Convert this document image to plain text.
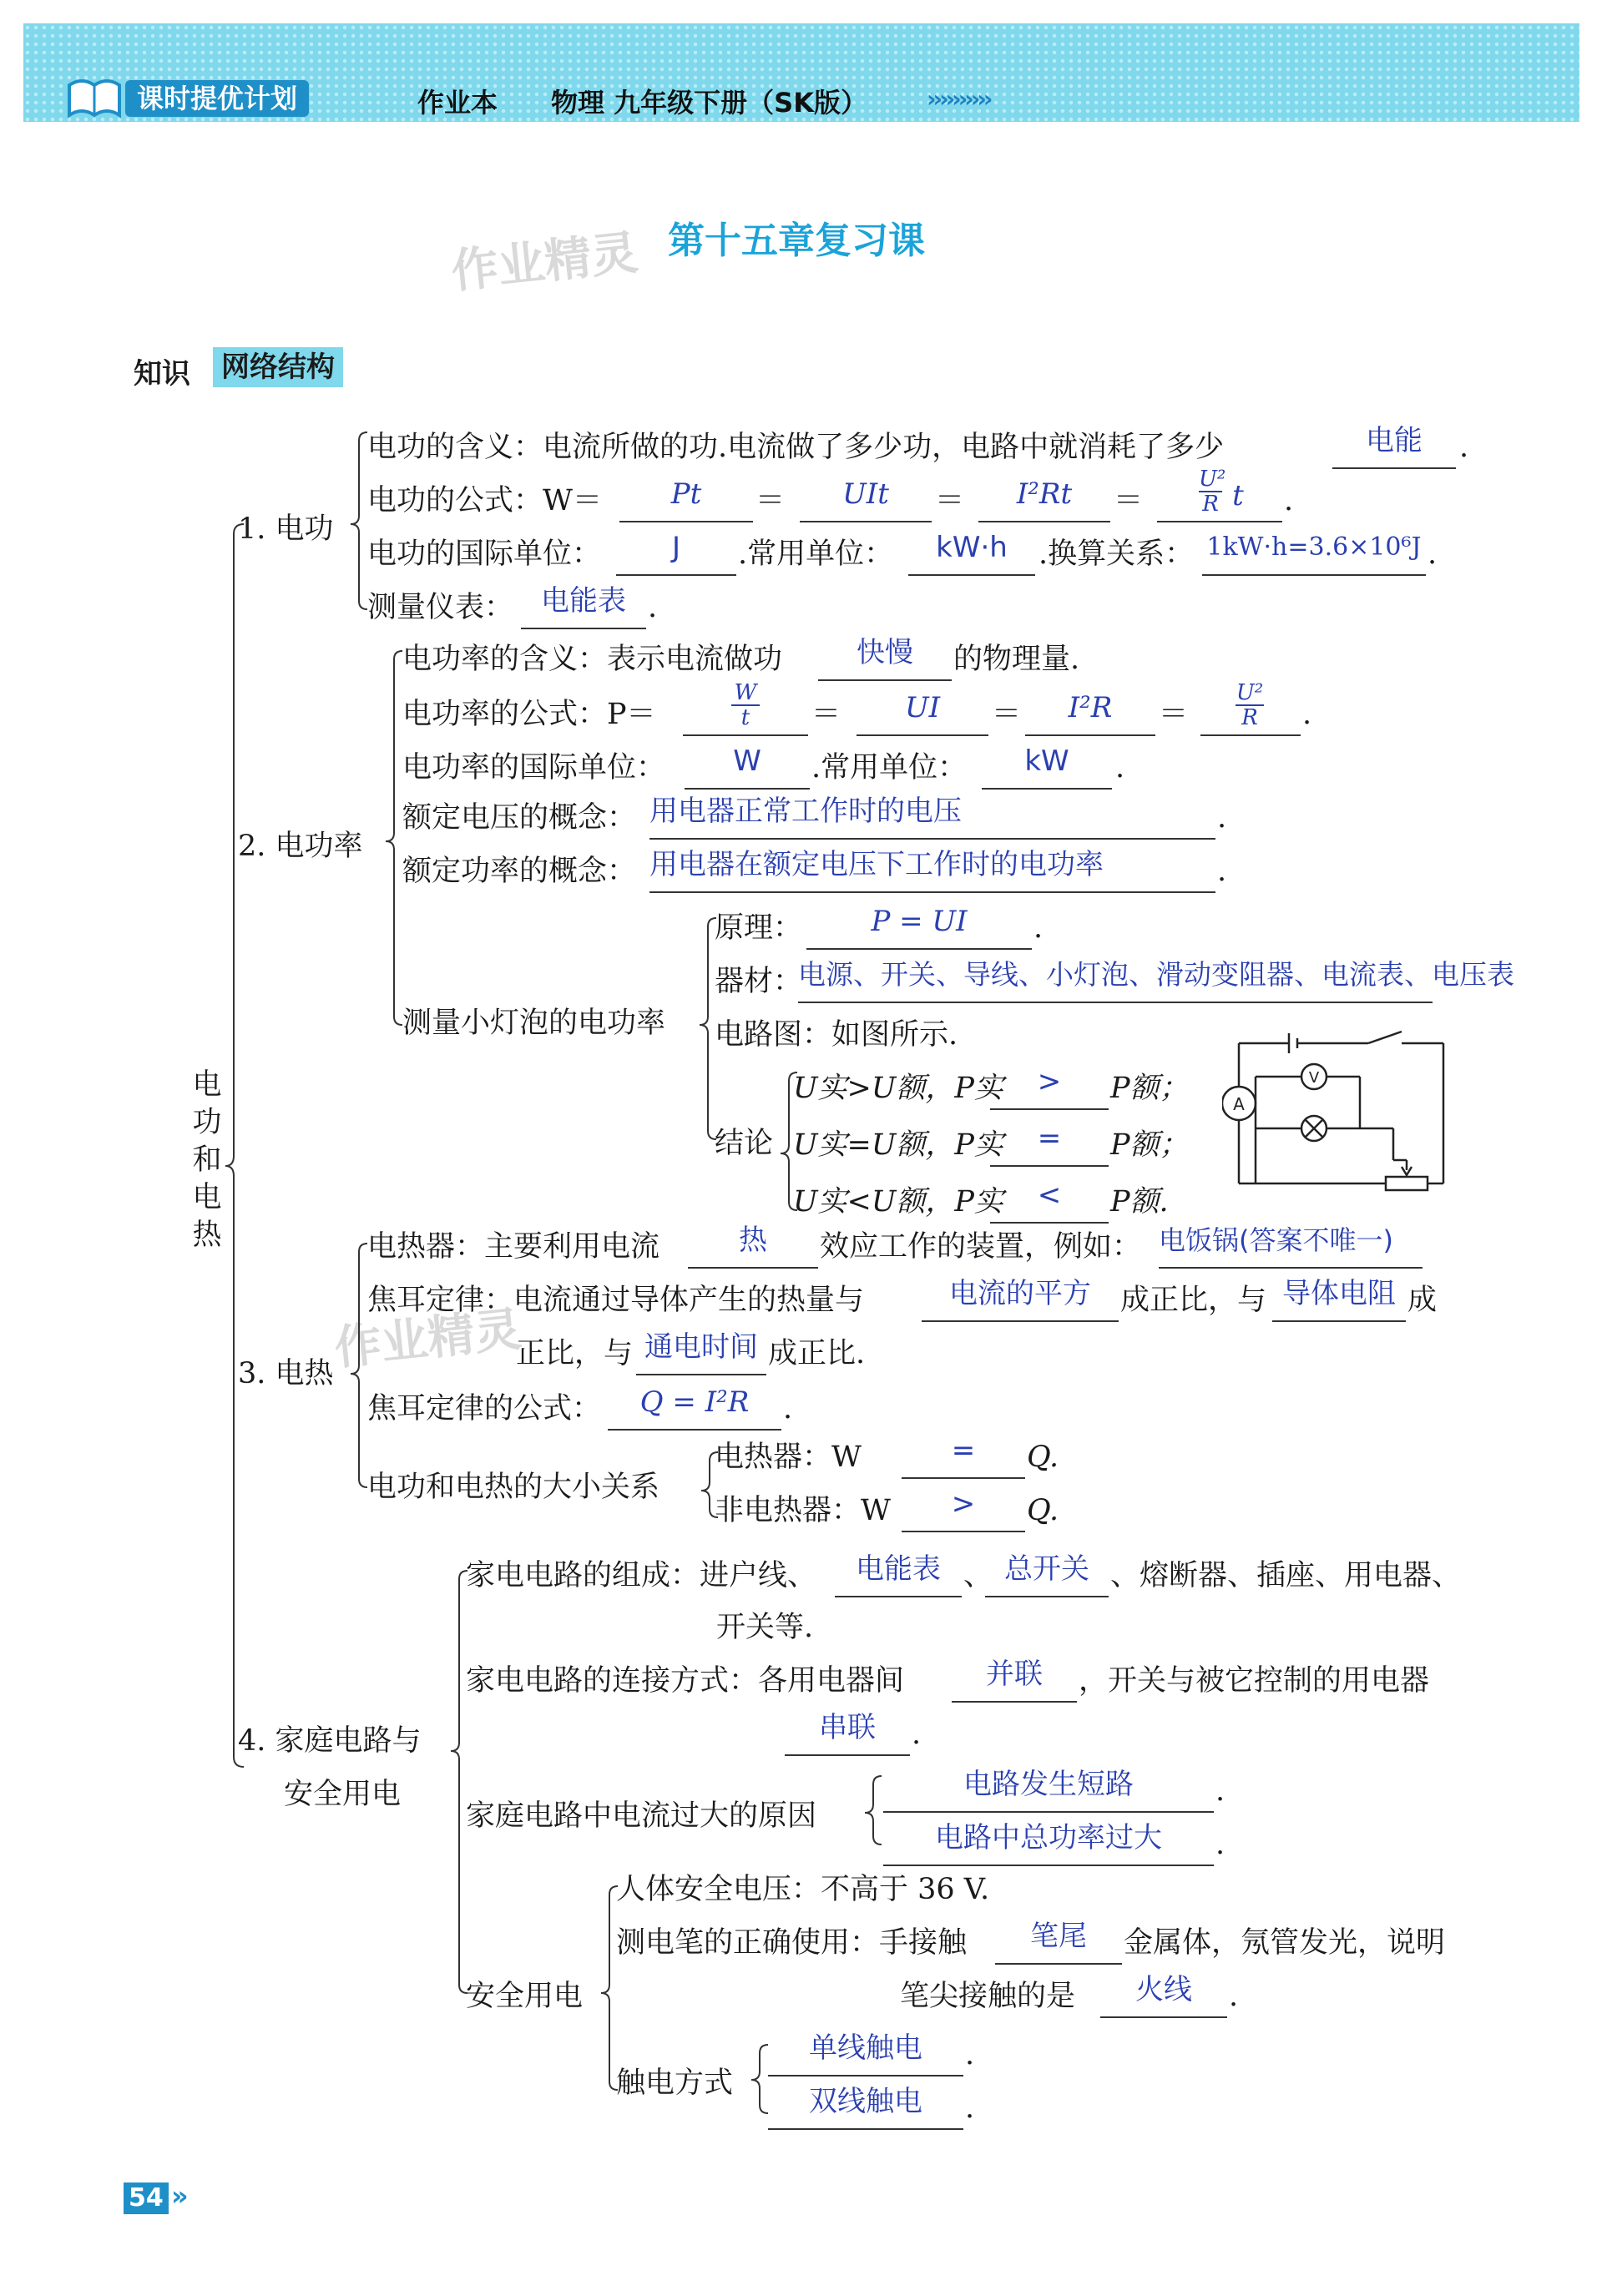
课时提优计划	作业本 物理 九年级下册（SK版）	››››››››››
作业精灵
作业精灵
第十五章复习课
知识 网络结构
电
功
和
电
热
1. 电功
电功的含义：电流所做的功.电流做了多少功，电路中就消耗了多少	电能	.
电功的公式：W＝	Pt	＝	UIt	＝	I²Rt	＝	$\frac{\text{U²}}{R}$ t .
电功的国际单位：	J	.常用单位：	kW·h	.换算关系： 1kW·h=3.6×10⁶J .
测量仪表： 电能表 .
2. 电功率
电功率的含义：表示电流做功	快慢	的物理量.
电功率的公式：P＝	$\frac{W}{t}$ ＝	UI	＝	I²R	＝ $\frac{\text{U²}}{R}$ .
电功率的国际单位：	W	.常用单位：	kW	.
额定电压的概念： 用电器正常工作时的电压	.
额定功率的概念： 用电器在额定电压下工作时的电功率	.
测量小灯泡的电功率
原理：	P = UI	.
器材：
电源、开关、导线、小灯泡、滑动变阻器、电流表、电压表
电路图：如图所示.
结论
U实>U额，P实	>	P额；
U实=U额，P实	=	P额；
U实<U额，P实	<	P额.
A
V
3. 电热
电热器：主要利用电流	热	效应工作的装置，例如： 电饭锅(答案不唯一)
焦耳定律：电流通过导体产生的热量与	电流的平方	成正比，与 导体电阻 成
正比，与 通电时间 成正比.
焦耳定律的公式：	Q = I²R	.
电功和电热的大小关系
电热器：W	=	Q.
非电热器：W	>	Q.
4. 家庭电路与
安全用电
家电电路的组成：进户线、	电能表 、 总开关 、熔断器、插座、用电器、
开关等.
家电电路的连接方式：各用电器间	并联	，开关与被它控制的用电器
串联	.
家庭电路中电流过大的原因
电路发生短路	.
电路中总功率过大	.
安全用电
人体安全电压：不高于 36 V.
测电笔的正确使用：手接触	笔尾	金属体，氖管发光，说明
笔尖接触的是	火线	.
触电方式
单线触电	.
双线触电	.
54 »
